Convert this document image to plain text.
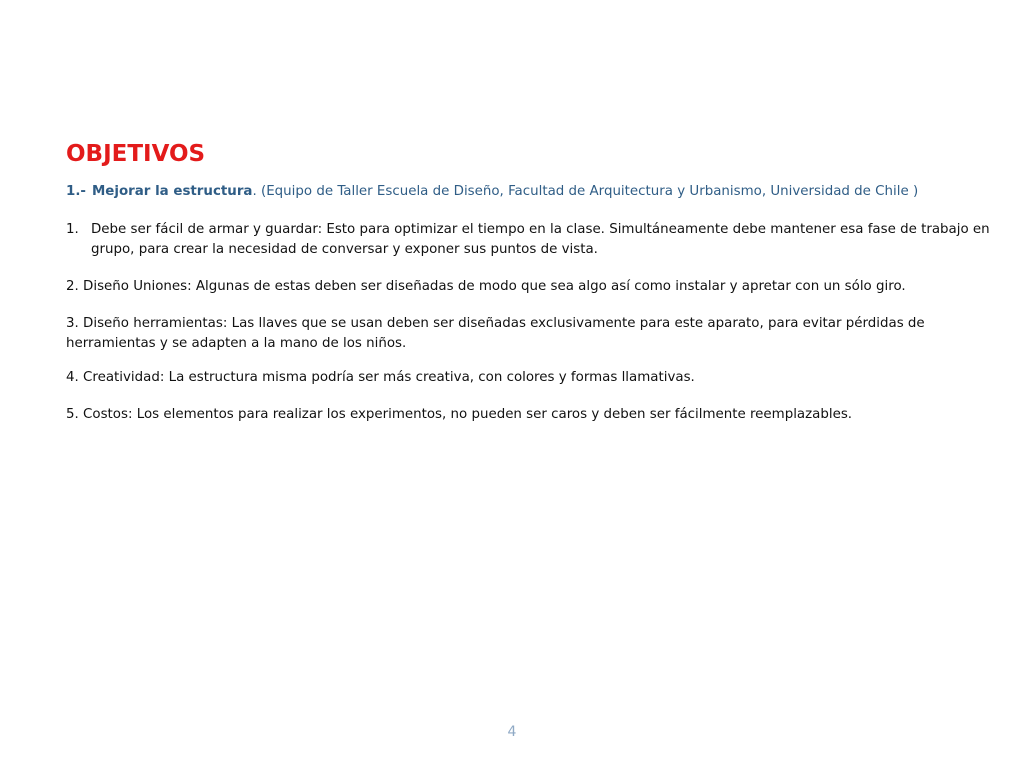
OBJETIVOS
1.- Mejorar la estructura. (Equipo de Taller Escuela de Diseño, Facultad de Arquitectura y Urbanismo, Universidad de Chile )
1. Debe ser fácil de armar y guardar: Esto para optimizar el tiempo en la clase. Simultáneamente debe mantener esa fase de trabajo en grupo, para crear la necesidad de conversar y exponer sus puntos de vista.
2. Diseño Uniones: Algunas de estas deben ser diseñadas de modo que sea algo así como instalar y apretar con un sólo giro.
3. Diseño herramientas: Las llaves que se usan deben ser diseñadas exclusivamente para este aparato, para evitar pérdidas de herramientas y se adapten a la mano de los niños.
4. Creatividad: La estructura misma podría ser más creativa, con colores y formas llamativas.
5. Costos: Los elementos para realizar los experimentos, no pueden ser caros y deben ser fácilmente reemplazables.
4
